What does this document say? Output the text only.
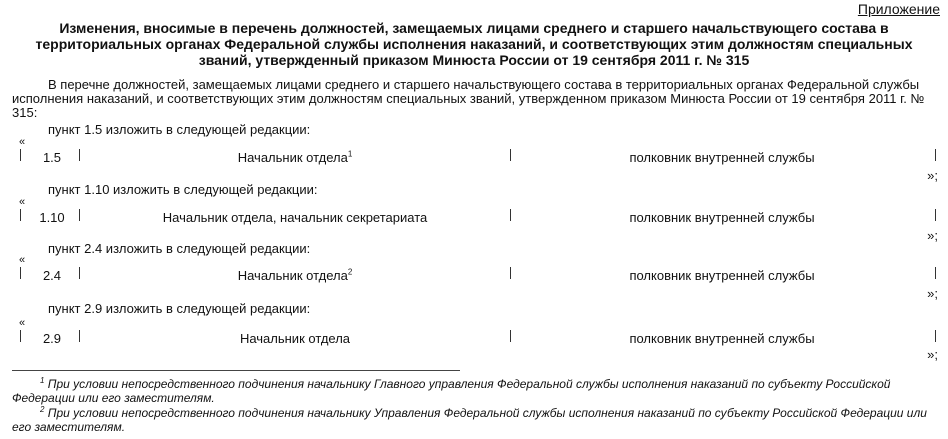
Приложение
Изменения, вносимые в перечень должностей, замещаемых лицами среднего и старшего начальствующего состава в территориальных органах Федеральной службы исполнения наказаний, и соответствующих этим должностям специальных званий, утвержденный приказом Минюста России от 19 сентября 2011 г. № 315
В перечне должностей, замещаемых лицами среднего и старшего начальствующего состава в территориальных органах Федеральной службы исполнения наказаний, и соответствующих этим должностям специальных званий, утвержденном приказом Минюста России от 19 сентября 2011 г. № 315:
пункт 1.5 изложить в следующей редакции:
«
1.5	Начальник отдела$^1$	полковник внутренней службы
»;
пункт 1.10 изложить в следующей редакции:
«
1.10	Начальник отдела, начальник секретариата	полковник внутренней службы
»;
пункт 2.4 изложить в следующей редакции:
«
2.4	Начальник отдела$^2$	полковник внутренней службы
»;
пункт 2.9 изложить в следующей редакции:
«
2.9	Начальник отдела	полковник внутренней службы
»;
$^1$ При условии непосредственного подчинения начальнику Главного управления Федеральной службы исполнения наказаний по субъекту Российской Федерации или его заместителям.
$^2$ При условии непосредственного подчинения начальнику Управления Федеральной службы исполнения наказаний по субъекту Российской Федерации или его заместителям.
